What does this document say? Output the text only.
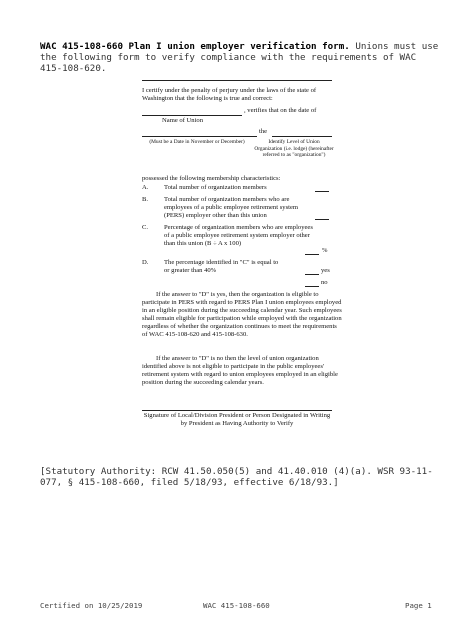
WAC 415-108-660 Plan I union employer verification form. Unions must use the following form to verify compliance with the requirements of WAC 415-108-620.
I certify under the penalty of perjury under the laws of the state of Washington that the following is true and correct:
, verifies that on the date of
Name of Union
the
(Must be a Date in November or December)	Identify Level of Union Organization (i.e. lodge) (hereinafter referred to as "organization")
possessed the following membership characteristics:
A. Total number of organization members
B. Total number of organization members who are employees of a public employee retirement system (PERS) employer other than this union
C. Percentage of organization members who are employees of a public employee retirement system employer other than this union (B ÷ A x 100)
%
D. The percentage identified in "C" is equal to or greater than 40%	yes
no
If the answer to "D" is yes, then the organization is eligible to participate in PERS with regard to PERS Plan I union employees employed in an eligible position during the succeeding calendar year. Such employees shall remain eligible for participation while employed with the organization regardless of whether the organization continues to meet the requirements of WAC 415-108-620 and 415-108-630.
If the answer to "D" is no then the level of union organization identified above is not eligible to participate in the public employees' retirement system with regard to union employees employed in an eligible position during the succeeding calendar years.
Signature of Local/Division President or Person Designated in Writing by President as Having Authority to Verify
[Statutory Authority: RCW 41.50.050(5) and 41.40.010 (4)(a). WSR 93-11-077, § 415-108-660, filed 5/18/93, effective 6/18/93.]
Certified on 10/25/2019	WAC 415-108-660	Page 1
